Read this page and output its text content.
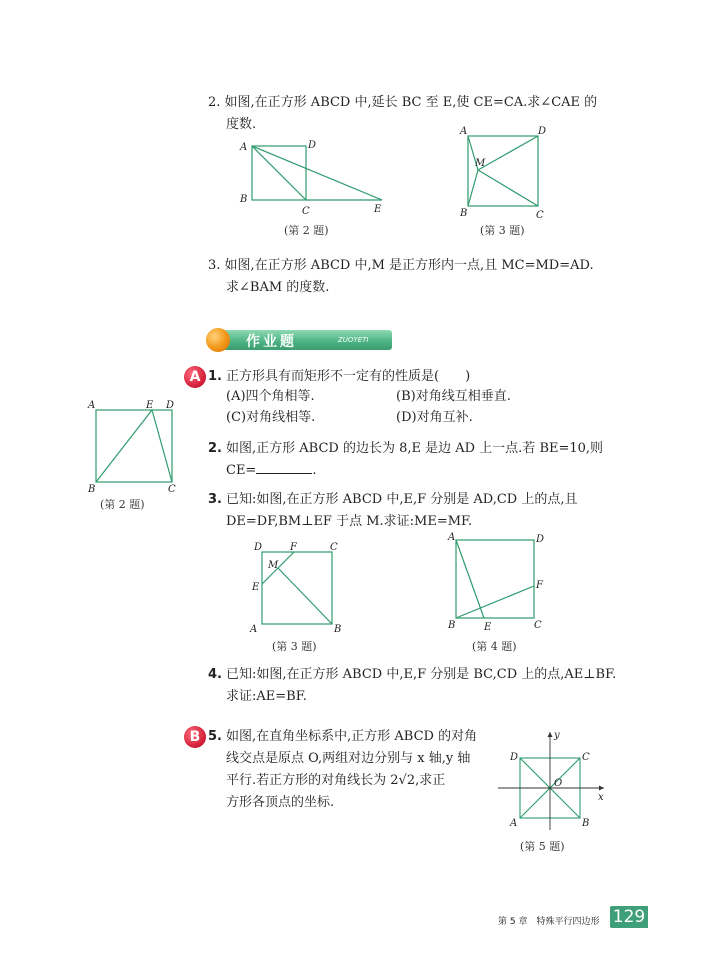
2. 如图,在正方形 ABCD 中,延长 BC 至 E,使 CE=CA.求∠CAE 的
度数.
A	D
B
C	E
(第 2 题)
A	D
M
B	C
(第 3 题)
3. 如图,在正方形 ABCD 中,M 是正方形内一点,且 MC=MD=AD.
求∠BAM 的度数.
作业题	ZUOYETI
A 1. 正方形具有而矩形不一定有的性质是(　　)
(A)四个角相等.	(B)对角线互相垂直.
(C)对角线相等.	(D)对角互补.
A	E D
B	C
(第 2 题)
2. 如图,正方形 ABCD 的边长为 8,E 是边 AD 上一点.若 BE=10,则
CE=	.
3. 已知:如图,在正方形 ABCD 中,E,F 分别是 AD,CD 上的点,且
DE=DF,BM⊥EF 于点 M.求证:ME=MF.
D	F	C
M
E
A	B
(第 3 题)
A	D
F
B	E	C
(第 4 题)
4. 已知:如图,在正方形 ABCD 中,E,F 分别是 BC,CD 上的点,AE⊥BF.
求证:AE=BF.
B 5. 如图,在直角坐标系中,正方形 ABCD 的对角
线交点是原点 O,两组对边分别与 x 轴,y 轴
平行.若正方形的对角线长为 2√2,求正
方形各顶点的坐标.	x
y
D	C
O
A	B
(第 5 题)
第 5 章　特殊平行四边形 129
